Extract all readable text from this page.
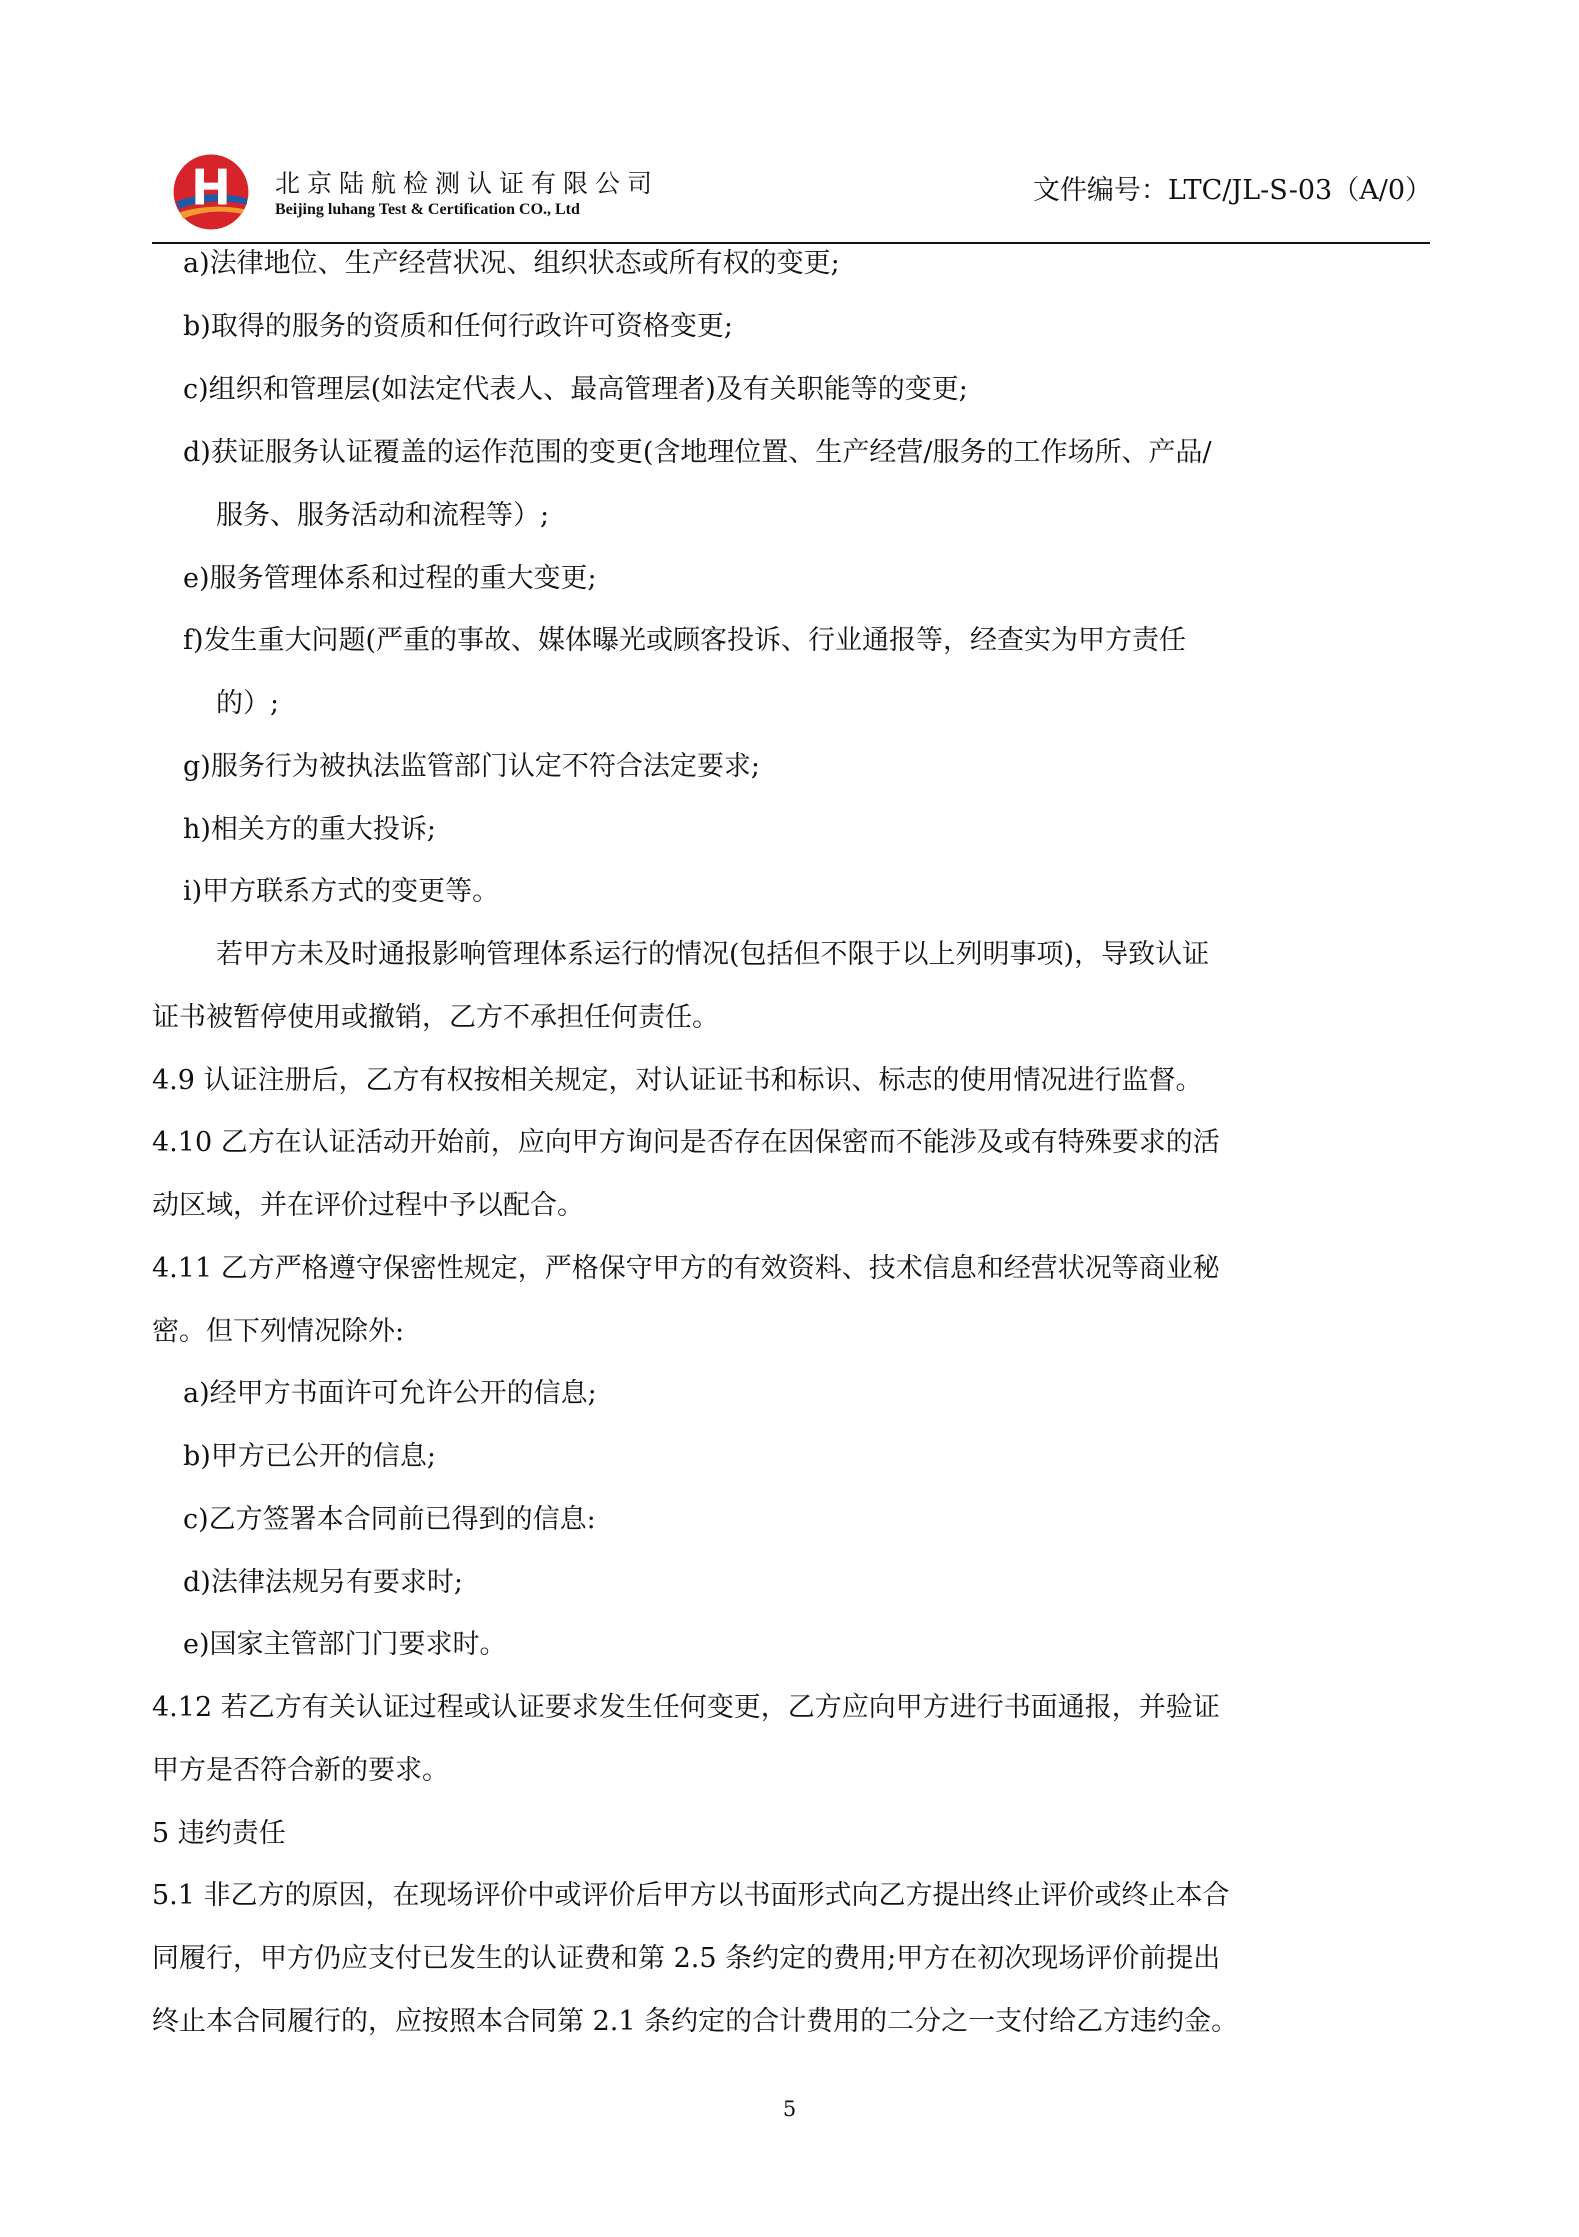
北京陆航检测认证有限公司
Beijing luhang Test & Certification CO., Ltd
文件编号：LTC/JL-S-03（A/0）
a)法律地位、生产经营状况、组织状态或所有权的变更;
b)取得的服务的资质和任何行政许可资格变更;
c)组织和管理层(如法定代表人、最高管理者)及有关职能等的变更;
d)获证服务认证覆盖的运作范围的变更(含地理位置、生产经营/服务的工作场所、产品/
服务、服务活动和流程等）;
e)服务管理体系和过程的重大变更;
f)发生重大问题(严重的事故、媒体曝光或顾客投诉、行业通报等，经查实为甲方责任
的）;
g)服务行为被执法监管部门认定不符合法定要求;
h)相关方的重大投诉;
i)甲方联系方式的变更等。
若甲方未及时通报影响管理体系运行的情况(包括但不限于以上列明事项)，导致认证
证书被暂停使用或撤销，乙方不承担任何责任。
4.9 认证注册后，乙方有权按相关规定，对认证证书和标识、标志的使用情况进行监督。
4.10 乙方在认证活动开始前，应向甲方询问是否存在因保密而不能涉及或有特殊要求的活
动区域，并在评价过程中予以配合。
4.11 乙方严格遵守保密性规定，严格保守甲方的有效资料、技术信息和经营状况等商业秘
密。但下列情况除外:
a)经甲方书面许可允许公开的信息;
b)甲方已公开的信息;
c)乙方签署本合同前已得到的信息:
d)法律法规另有要求时;
e)国家主管部门门要求时。
4.12 若乙方有关认证过程或认证要求发生任何变更，乙方应向甲方进行书面通报，并验证
甲方是否符合新的要求。
5 违约责任
5.1 非乙方的原因，在现场评价中或评价后甲方以书面形式向乙方提出终止评价或终止本合
同履行，甲方仍应支付已发生的认证费和第 2.5 条约定的费用;甲方在初次现场评价前提出
终止本合同履行的，应按照本合同第 2.1 条约定的合计费用的二分之一支付给乙方违约金。
5
